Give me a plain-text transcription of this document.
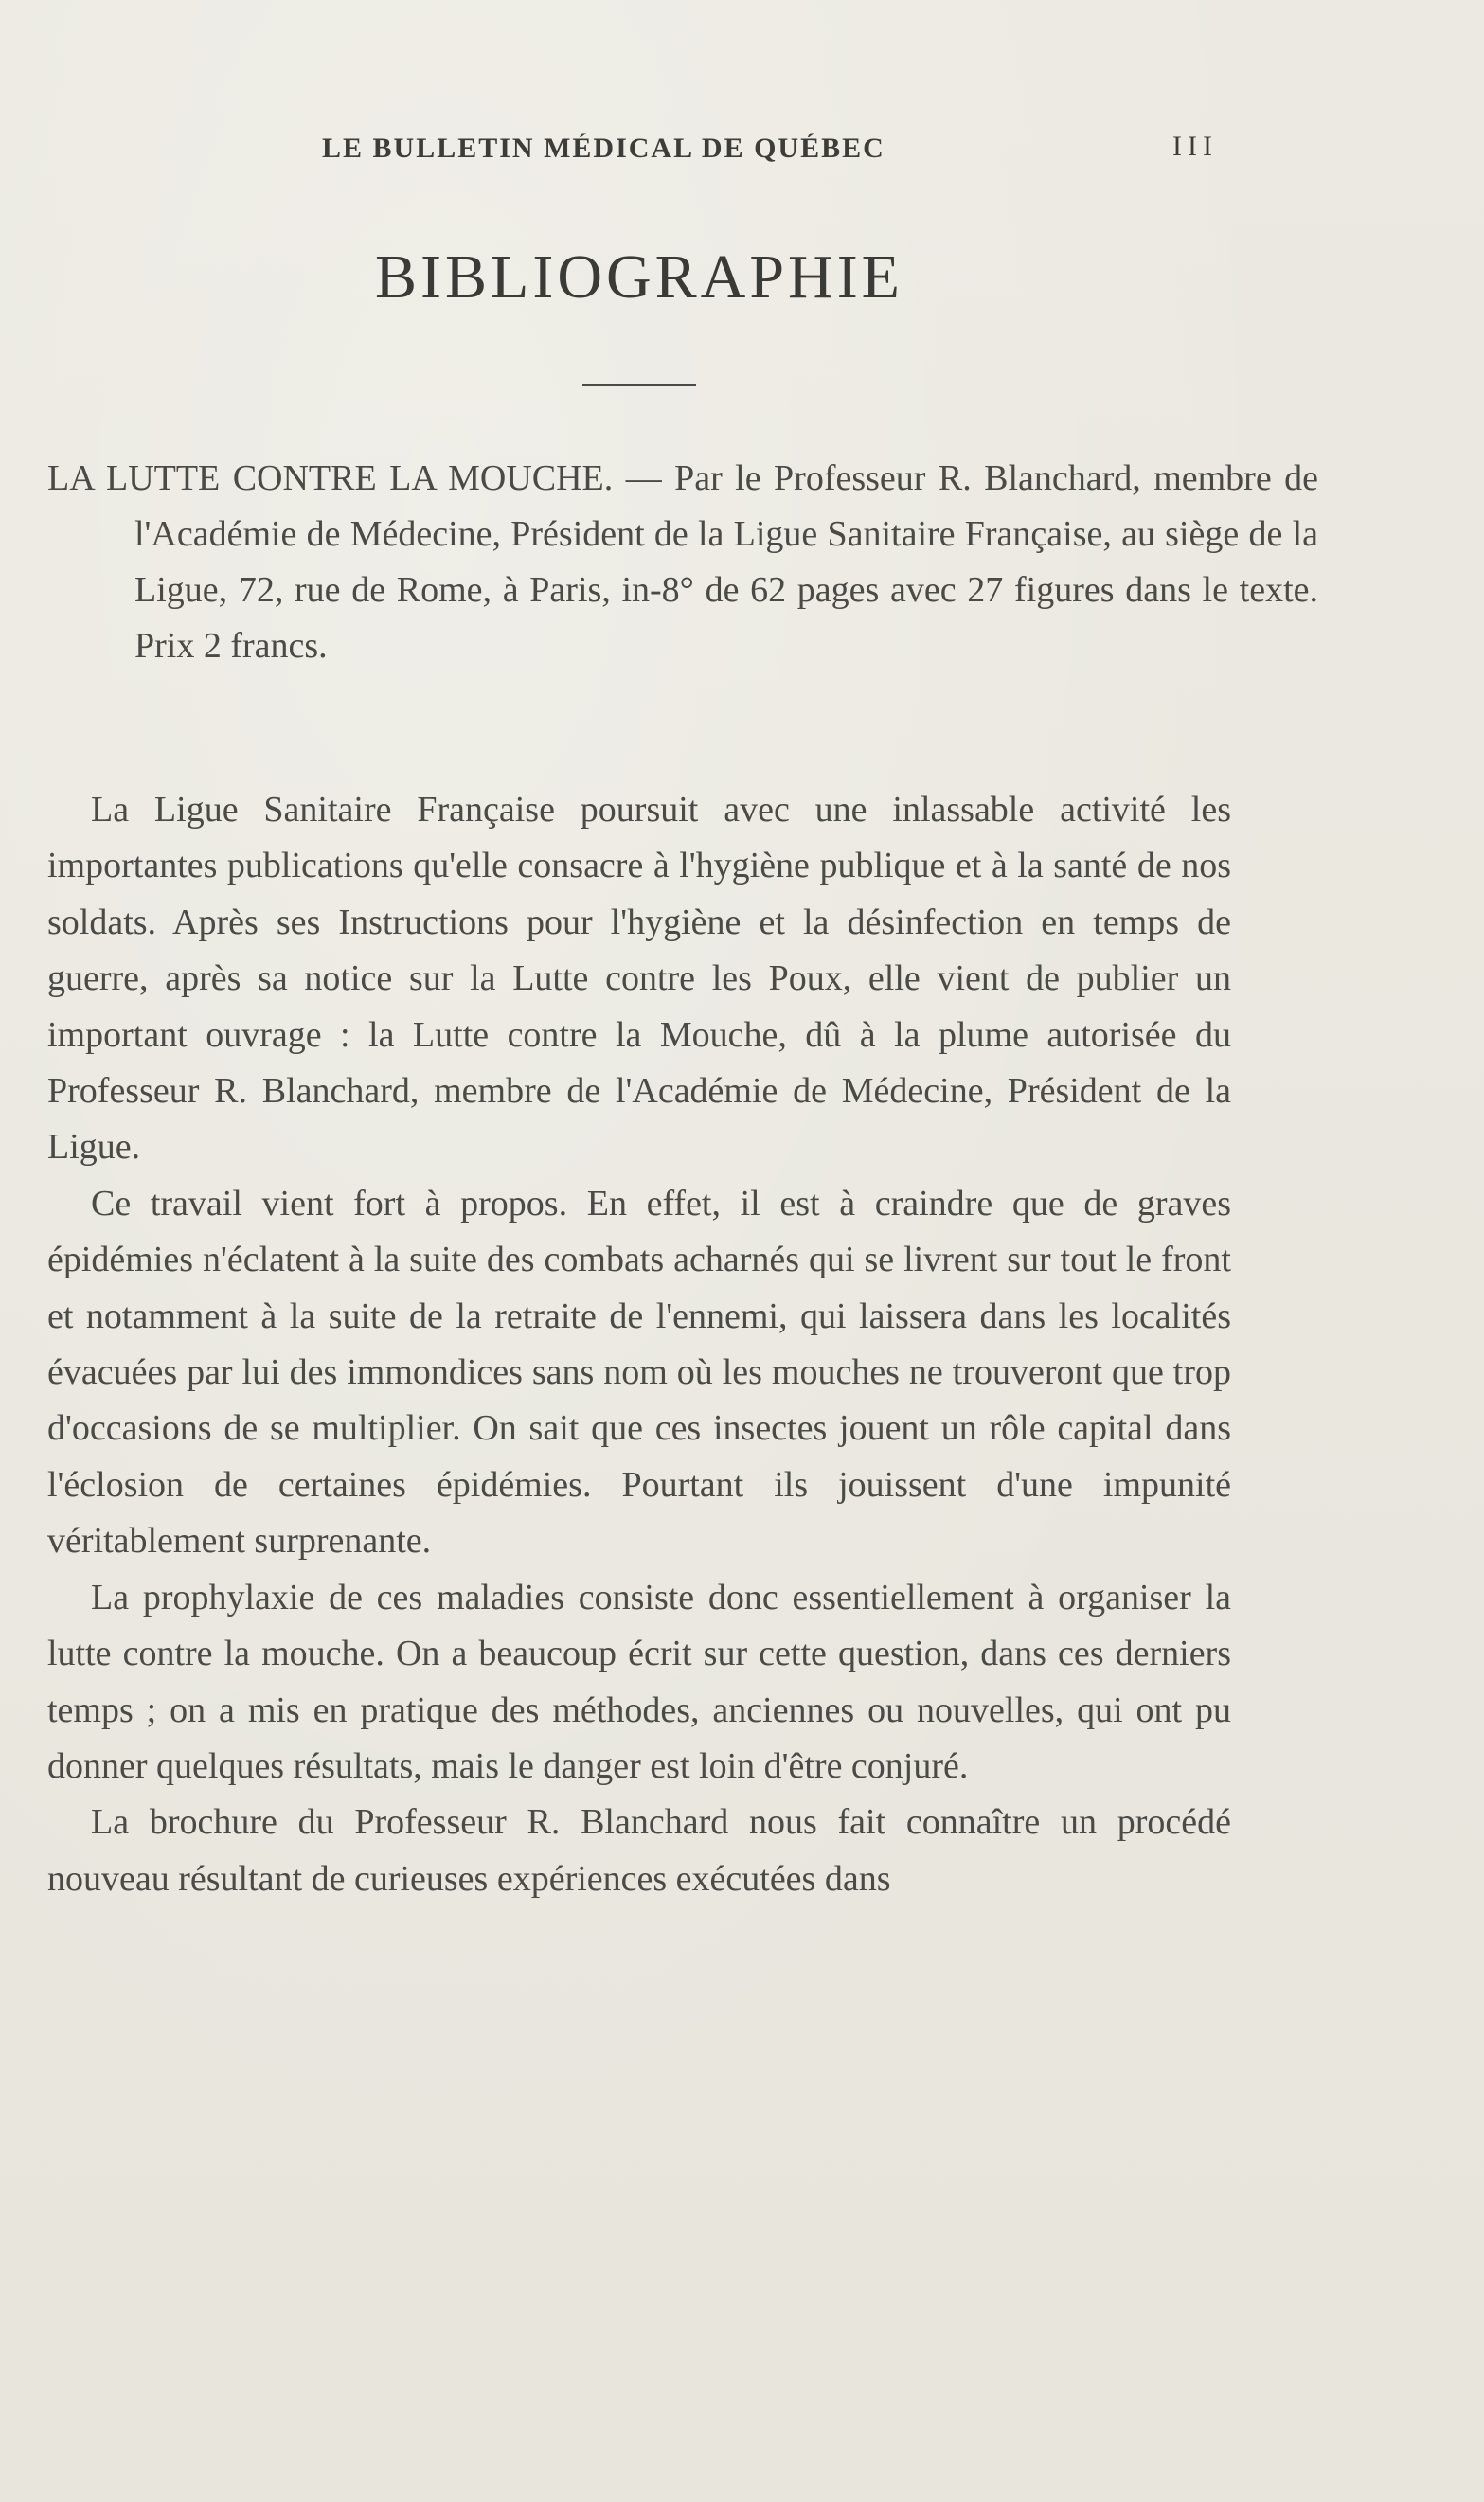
LE BULLETIN MÉDICAL DE QUÉBEC	III
BIBLIOGRAPHIE

LA LUTTE CONTRE LA MOUCHE. — Par le Professeur R. Blanchard, membre de l'Académie de Médecine, Président de la Ligue Sanitaire Française, au siège de la Ligue, 72, rue de Rome, à Paris, in-8° de 62 pages avec 27 figures dans le texte. Prix 2 francs.

La Ligue Sanitaire Française poursuit avec une inlassable activité les importantes publications qu'elle consacre à l'hygiène publique et à la santé de nos soldats. Après ses Instructions pour l'hygiène et la désinfection en temps de guerre, après sa notice sur la Lutte contre les Poux, elle vient de publier un important ouvrage : la Lutte contre la Mouche, dû à la plume autorisée du Professeur R. Blanchard, membre de l'Académie de Médecine, Président de la Ligue.

Ce travail vient fort à propos. En effet, il est à craindre que de graves épidémies n'éclatent à la suite des combats acharnés qui se livrent sur tout le front et notamment à la suite de la retraite de l'ennemi, qui laissera dans les localités évacuées par lui des immondices sans nom où les mouches ne trouveront que trop d'occasions de se multiplier. On sait que ces insectes jouent un rôle capital dans l'éclosion de certaines épidémies. Pourtant ils jouissent d'une impunité véritablement surprenante.

La prophylaxie de ces maladies consiste donc essentiellement à organiser la lutte contre la mouche. On a beaucoup écrit sur cette question, dans ces derniers temps ; on a mis en pratique des méthodes, anciennes ou nouvelles, qui ont pu donner quelques résultats, mais le danger est loin d'être conjuré.

La brochure du Professeur R. Blanchard nous fait connaître un procédé nouveau résultant de curieuses expériences exécutées dans
